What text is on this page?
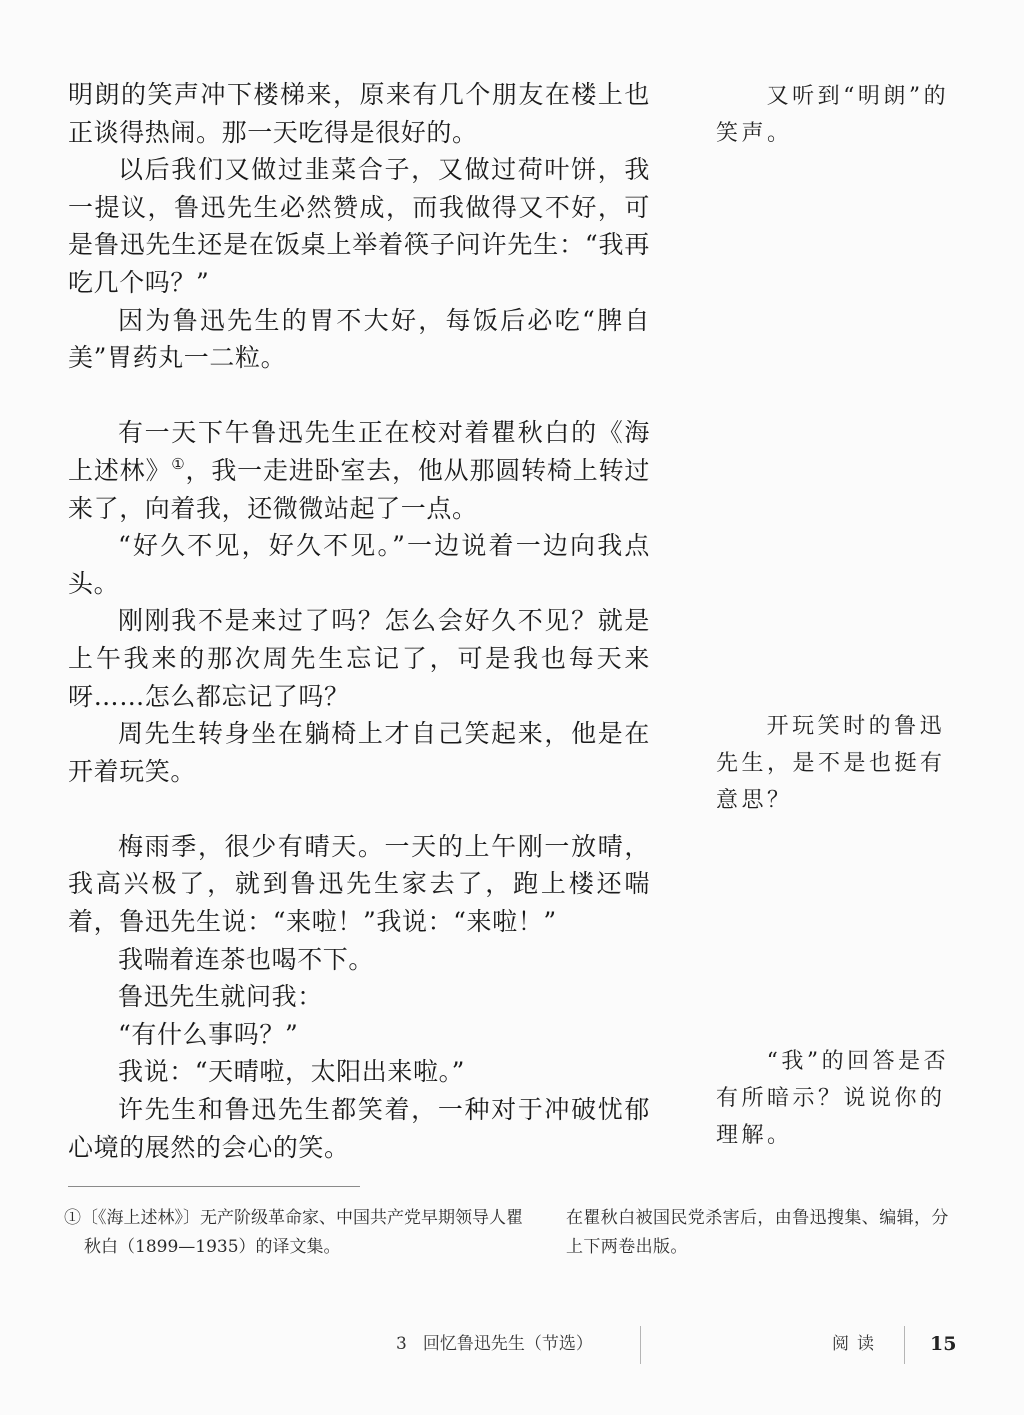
明朗的笑声冲下楼梯来，原来有几个朋友在楼上也正谈得热闹。那一天吃得是很好的。

以后我们又做过韭菜合子，又做过荷叶饼，我一提议，鲁迅先生必然赞成，而我做得又不好，可是鲁迅先生还是在饭桌上举着筷子问许先生：“我再吃几个吗？”

因为鲁迅先生的胃不大好，每饭后必吃“脾自美”胃药丸一二粒。

有一天下午鲁迅先生正在校对着瞿秋白的《海上述林》①，我一走进卧室去，他从那圆转椅上转过来了，向着我，还微微站起了一点。

“好久不见，好久不见。”一边说着一边向我点头。

刚刚我不是来过了吗？怎么会好久不见？就是上午我来的那次周先生忘记了，可是我也每天来呀……怎么都忘记了吗？

周先生转身坐在躺椅上才自己笑起来，他是在开着玩笑。

梅雨季，很少有晴天。一天的上午刚一放晴，我高兴极了，就到鲁迅先生家去了，跑上楼还喘着，鲁迅先生说：“来啦！”我说：“来啦！”

我喘着连茶也喝不下。

鲁迅先生就问我：

“有什么事吗？”

我说：“天晴啦，太阳出来啦。”

许先生和鲁迅先生都笑着，一种对于冲破忧郁心境的展然的会心的笑。

又听到“明朗”的笑声。

开玩笑时的鲁迅先生，是不是也挺有意思？

“我”的回答是否有所暗示？说说你的理解。

①〔《海上述林》〕无产阶级革命家、中国共产党早期领导人瞿秋白（1899—1935）的译文集。
在瞿秋白被国民党杀害后，由鲁迅搜集、编辑，分上下两卷出版。
3 回忆鲁迅先生（节选）	阅读	15
